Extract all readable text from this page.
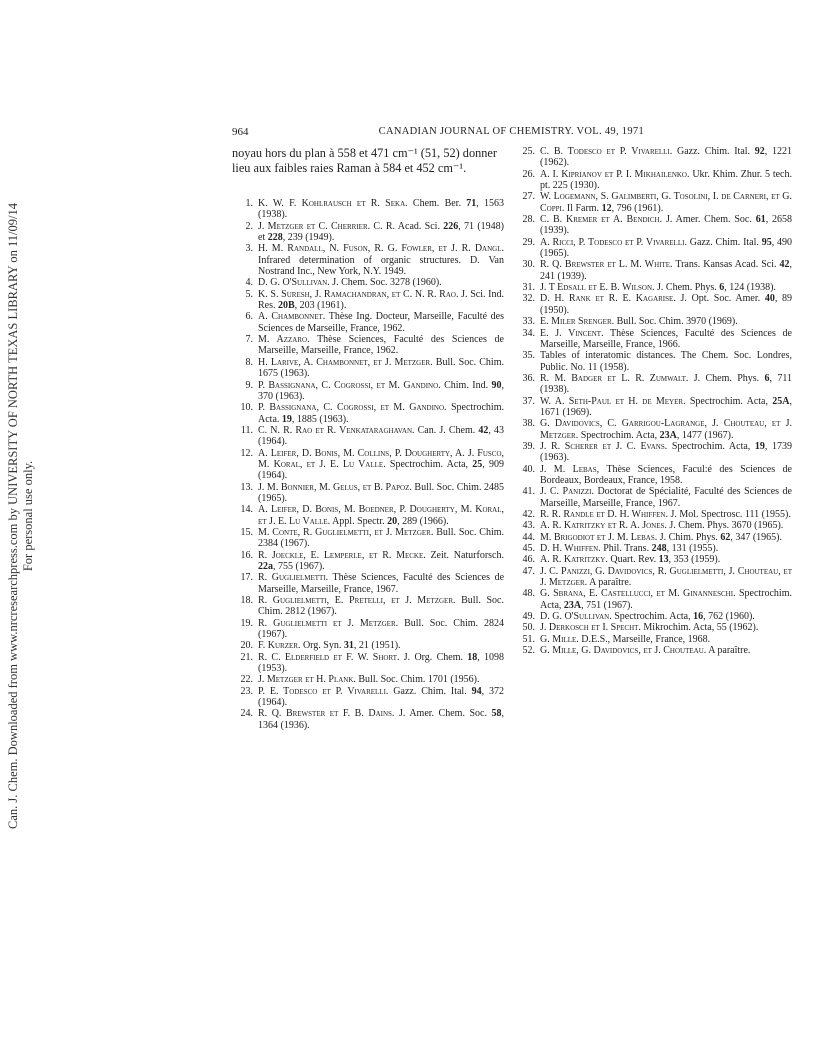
Can. J. Chem. Downloaded from www.nrcresearchpress.com by UNIVERSITY OF NORTH TEXAS LIBRARY on 11/09/14 For personal use only.
964	CANADIAN JOURNAL OF CHEMISTRY. VOL. 49, 1971

noyau hors du plan à 558 et 471 cm⁻¹ (51, 52) donner lieu aux faibles raies Raman à 584 et 452 cm⁻¹.

1. K. W. F. Kohlrausch et R. Seka. Chem. Ber. 71, 1563 (1938).
2. J. Metzger et C. Cherrier. C. R. Acad. Sci. 226, 71 (1948) et 228, 239 (1949).
3. H. M. Randall, N. Fuson, R. G. Fowler, et J. R. Dangl. Infrared determination of organic structures. D. Van Nostrand Inc., New York, N.Y. 1949.
4. D. G. O'Sullivan. J. Chem. Soc. 3278 (1960).
5. K. S. Suresh, J. Ramachandran, et C. N. R. Rao. J. Sci. Ind. Res. 20B, 203 (1961).
6. A. Chambonnet. Thèse Ing. Docteur, Marseille, Faculté des Sciences de Marseille, France, 1962.
7. M. Azzaro. Thèse Sciences, Faculté des Sciences de Marseille, Marseille, France, 1962.
8. H. Larive, A. Chambonnet, et J. Metzger. Bull. Soc. Chim. 1675 (1963).
9. P. Bassignana, C. Cogrossi, et M. Gandino. Chim. Ind. 90, 370 (1963).
10. P. Bassignana, C. Cogrossi, et M. Gandino. Spectrochim. Acta. 19, 1885 (1963).
11. C. N. R. Rao et R. Venkataraghavan. Can. J. Chem. 42, 43 (1964).
12. A. Leifer, D. Bonis, M. Collins, P. Dougherty, A. J. Fusco, M. Koral, et J. E. Lu Valle. Spectrochim. Acta, 25, 909 (1964).
13. J. M. Bonnier, M. Gelus, et B. Papoz. Bull. Soc. Chim. 2485 (1965).
14. A. Leifer, D. Bonis, M. Boedner, P. Dougherty, M. Koral, et J. E. Lu Valle. Appl. Spectr. 20, 289 (1966).
15. M. Conte, R. Guglielmetti, et J. Metzger. Bull. Soc. Chim. 2384 (1967).
16. R. Joeckle, E. Lemperle, et R. Mecke. Zeit. Naturforsch. 22a, 755 (1967).
17. R. Guglielmetti. Thèse Sciences, Faculté des Sciences de Marseille, Marseille, France, 1967.
18. R. Guglielmetti, E. Pretelli, et J. Metzger. Bull. Soc. Chim. 2812 (1967).
19. R. Guglielmetti et J. Metzger. Bull. Soc. Chim. 2824 (1967).
20. F. Kurzer. Org. Syn. 31, 21 (1951).
21. R. C. Elderfield et F. W. Short. J. Org. Chem. 18, 1098 (1953).
22. J. Metzger et H. Plank. Bull. Soc. Chim. 1701 (1956).
23. P. E. Todesco et P. Vivarelli. Gazz. Chim. Ital. 94, 372 (1964).
24. R. Q. Brewster et F. B. Dains. J. Amer. Chem. Soc. 58, 1364 (1936).
25. C. B. Todesco et P. Vivarelli. Gazz. Chim. Ital. 92, 1221 (1962).
26. A. I. Kiprianov et P. I. Mikhailenko. Ukr. Khim. Zhur. 5 tech. pt. 225 (1930).
27. W. Logemann, S. Galimberti, G. Tosolini, I. de Carneri, et G. Coppi. Il Farm. 12, 796 (1961).
28. C. B. Kremer et A. Bendich. J. Amer. Chem. Soc. 61, 2658 (1939).
29. A. Ricci, P. Todesco et P. Vivarelli. Gazz. Chim. Ital. 95, 490 (1965).
30. R. Q. Brewster et L. M. White. Trans. Kansas Acad. Sci. 42, 241 (1939).
31. J. T Edsall et E. B. Wilson. J. Chem. Phys. 6, 124 (1938).
32. D. H. Rank et R. E. Kagarise. J. Opt. Soc. Amer. 40, 89 (1950).
33. E. Miler Srenger. Bull. Soc. Chim. 3970 (1969).
34. E. J. Vincent. Thèse Sciences, Faculté des Sciences de Marseille, Marseille, France, 1966.
35. Tables of interatomic distances. The Chem. Soc. Londres, Public. No. 11 (1958).
36. R. M. Badger et L. R. Zumwalt. J. Chem. Phys. 6, 711 (1938).
37. W. A. Seth-Paul et H. de Meyer. Spectrochim. Acta, 25A, 1671 (1969).
38. G. Davidovics, C. Garrigou-Lagrange, J. Chouteau, et J. Metzger. Spectrochim. Acta, 23A, 1477 (1967).
39. J. R. Scherer et J. C. Evans. Spectrochim. Acta, 19, 1739 (1963).
40. J. M. Lebas, Thèse Sciences, Facul:é des Sciences de Bordeaux, Bordeaux, France, 1958.
41. J. C. Panizzi. Doctorat de Spécialité, Faculté des Sciences de Marseille, Marseille, France, 1967.
42. R. R. Randle et D. H. Whiffen. J. Mol. Spectrosc. 111 (1955).
43. A. R. Katritzky et R. A. Jones. J. Chem. Phys. 3670 (1965).
44. M. Brigodiot et J. M. Lebas. J. Chim. Phys. 62, 347 (1965).
45. D. H. Whiffen. Phil. Trans. 248, 131 (1955).
46. A. R. Katritzky. Quart. Rev. 13, 353 (1959).
47. J. C. Panizzi, G. Davidovics, R. Guglielmetti, J. Chouteau, et J. Metzger. A paraître.
48. G. Sbrana, E. Castellucci, et M. Ginanneschi. Spectrochim. Acta, 23A, 751 (1967).
49. D. G. O'Sullivan. Spectrochim. Acta, 16, 762 (1960).
50. J. Derkosch et I. Specht. Mikrochim. Acta, 55 (1962).
51. G. Mille. D.E.S., Marseille, France, 1968.
52. G. Mille, G. Davidovics, et J. Chouteau. A paraître.
